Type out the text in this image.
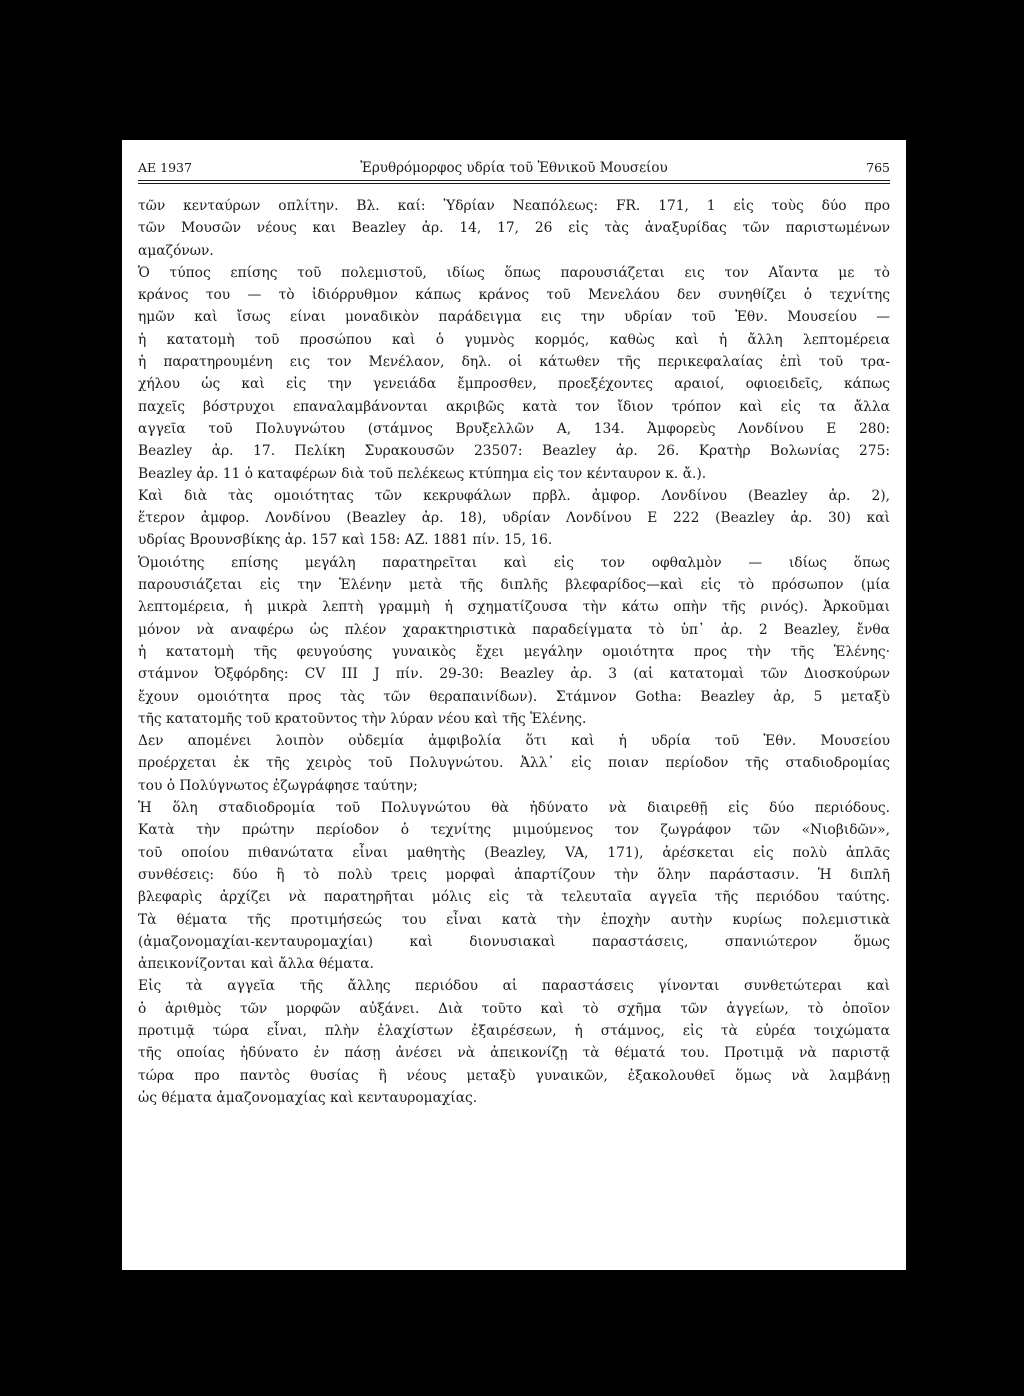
ΑΕ 1937	Ἐρυθρόμορφος υδρία τοῦ Ἐθνικοῦ Μουσείου	765
τῶν κενταύρων οπλίτην. Βλ. καί: Ὑδρίαν Νεαπόλεως: FR. 171, 1 εἰς τοὺς δύο προ
τῶν Μουσῶν νέους και Beazley ἀρ. 14, 17, 26 εἰς τὰς ἀναξυρίδας τῶν παριστωμένων
αμαζόνων.
Ὁ τύπος επίσης τοῦ πολεμιστοῦ, ιδίως ὅπως παρουσιάζεται εις τον Αἴαντα με τὸ
κράνος του — τὸ ἰδιόρρυθμον κάπως κράνος τοῦ Μενελάου δεν συνηθίζει ὁ τεχνίτης
ημῶν καὶ ἴσως είναι μοναδικὸν παράδειγμα εις την υδρίαν τοῦ Ἐθν. Μουσείου —
ἡ κατατομὴ τοῦ προσώπου καὶ ὁ γυμνὸς κορμός, καθὼς καὶ ἡ ἄλλη λεπτομέρεια
ἡ παρατηρουμένη εις τον Μενέλαον, δηλ. οἱ κάτωθεν τῆς περικεφαλαίας ἐπὶ τοῦ τρα-
χήλου ὡς καὶ εἰς την γενειάδα ἔμπροσθεν, προεξέχοντες αραιοί, οφιοειδεῖς, κάπως
παχεῖς βόστρυχοι επαναλαμβάνονται ακριβῶς κατὰ τον ἴδιον τρόπον καὶ εἰς τα ἄλλα
αγγεῖα τοῦ Πολυγνώτου (στάμνος Βρυξελλῶν Α, 134. Ἀμφορεὺς Λονδίνου Ε 280:
Beazley ἀρ. 17. Πελίκη Συρακουσῶν 23507: Beazley ἀρ. 26. Κρατὴρ Βολωνίας 275:
Beazley ἀρ. 11 ὁ καταφέρων διὰ τοῦ πελέκεως κτύπημα εἰς τον κένταυρον κ. ἄ.).
Καὶ διὰ τὰς ομοιότητας τῶν κεκρυφάλων πρβλ. ἀμφορ. Λονδίνου (Beazley ἀρ. 2),
ἕτερον ἀμφορ. Λονδίνου (Beazley ἀρ. 18), υδρίαν Λονδίνου Ε 222 (Beazley ἀρ. 30) καὶ
υδρίας Βρουνσβίκης ἀρ. 157 καὶ 158: AZ. 1881 πίν. 15, 16.
Ὁμοιότης επίσης μεγάλη παρατηρεῖται καὶ εἰς τον οφθαλμὸν — ιδίως ὅπως
παρουσιάζεται εἰς την Ἑλένην μετὰ τῆς διπλῆς βλεφαρίδος—καὶ εἰς τὸ πρόσωπον (μία
λεπτομέρεια, ἡ μικρὰ λεπτὴ γραμμὴ ἡ σχηματίζουσα τὴν κάτω οπὴν τῆς ρινός). Ἀρκοῦμαι
μόνον νὰ αναφέρω ὡς πλέον χαρακτηριστικὰ παραδείγματα τὸ ὑπ᾽ ἀρ. 2 Beazley, ἔνθα
ἡ κατατομὴ τῆς φευγούσης γυναικὸς ἔχει μεγάλην ομοιότητα προς τὴν τῆς Ἑλένης·
στάμνον Ὀξφόρδης: CV III J πίν. 29-30: Beazley ἀρ. 3 (αἱ κατατομαὶ τῶν Διοσκούρων
ἔχουν ομοιότητα προς τὰς τῶν θεραπαινίδων). Στάμνον Gotha: Beazley ἀρ, 5 μεταξὺ
τῆς κατατομῆς τοῦ κρατοῦντος τὴν λύραν νέου καὶ τῆς Ἑλένης.
Δεν απομένει λοιπὸν οὐδεμία ἀμφιβολία ὅτι καὶ ἡ υδρία τοῦ Ἐθν. Μουσείου
προέρχεται ἐκ τῆς χειρὸς τοῦ Πολυγνώτου. Ἀλλ᾽ εἰς ποιαν περίοδον τῆς σταδιοδρομίας
του ὁ Πολύγνωτος ἐζωγράφησε ταύτην;
Ἡ ὅλη σταδιοδρομία τοῦ Πολυγνώτου θὰ ἠδύνατο νὰ διαιρεθῇ εἰς δύο περιόδους.
Κατὰ τὴν πρώτην περίοδον ὁ τεχνίτης μιμούμενος τον ζωγράφον τῶν «Νιοβιδῶν»,
τοῦ οποίου πιθανώτατα εἶναι μαθητὴς (Beazley, VA, 171), ἀρέσκεται εἰς πολὺ ἁπλᾶς
συνθέσεις: δύο ἢ τὸ πολὺ τρεις μορφαὶ ἀπαρτίζουν τὴν ὅλην παράστασιν. Ἡ διπλῆ
βλεφαρὶς ἀρχίζει νὰ παρατηρῆται μόλις εἰς τὰ τελευταῖα αγγεῖα τῆς περιόδου ταύτης.
Τὰ θέματα τῆς προτιμήσεώς του εἶναι κατὰ τὴν ἐποχὴν αυτὴν κυρίως πολεμιστικὰ
(ἀμαζονομαχίαι-κενταυρομαχίαι) καὶ διονυσιακαὶ παραστάσεις, σπανιώτερον ὅμως
ἀπεικονίζονται καὶ ἄλλα θέματα.
Εἰς τὰ αγγεῖα τῆς ἄλλης περιόδου αἱ παραστάσεις γίνονται συνθετώτεραι καὶ
ὁ ἀριθμὸς τῶν μορφῶν αὐξάνει. Διὰ τοῦτο καὶ τὸ σχῆμα τῶν ἀγγείων, τὸ ὁποῖον
προτιμᾷ τώρα εἶναι, πλὴν ἐλαχίστων ἐξαιρέσεων, ἡ στάμνος, εἰς τὰ εὐρέα τοιχώματα
τῆς οποίας ἠδύνατο ἐν πάσῃ ἀνέσει νὰ ἀπεικονίζῃ τὰ θέματά του. Προτιμᾷ νὰ παριστᾷ
τώρα προ παντὸς θυσίας ἢ νέους μεταξὺ γυναικῶν, ἐξακολουθεῖ ὅμως νὰ λαμβάνῃ
ὡς θέματα ἀμαζονομαχίας καὶ κενταυρομαχίας.
